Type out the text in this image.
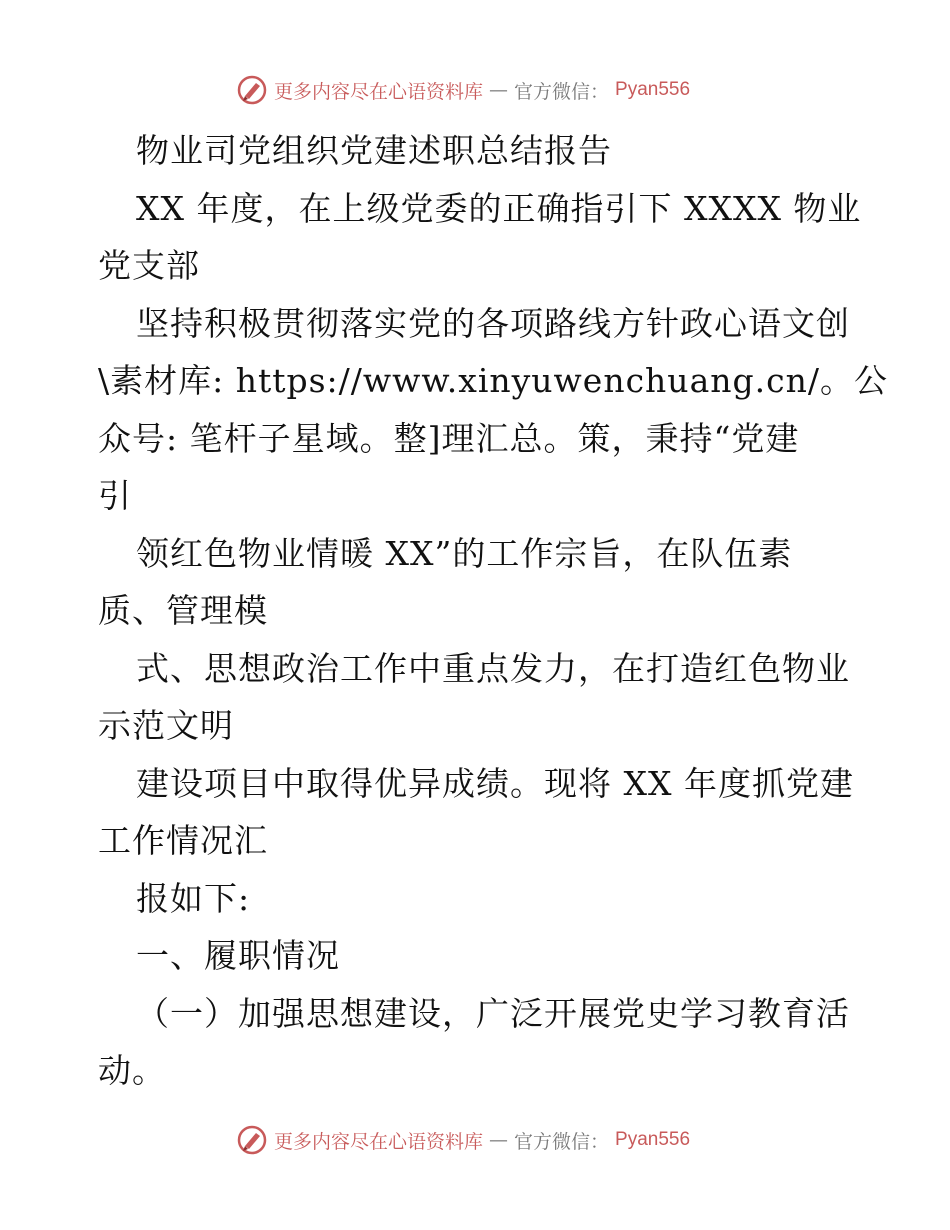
更多内容尽在心语资料库 — 官方微信： Pyan556
物业司党组织党建述职总结报告
XX 年度，在上级党委的正确指引下 XXXX 物业
党支部
坚持积极贯彻落实党的各项路线方针政心语文创
\素材库: https://www.xinyuwenchuang.cn/。公
众号: 笔杆子星域。整]理汇总。策，秉持“党建
引
领红色物业情暖 XX”的工作宗旨，在队伍素
质、管理模
式、思想政治工作中重点发力，在打造红色物业
示范文明
建设项目中取得优异成绩。现将 XX 年度抓党建
工作情况汇
报如下:
一、履职情况
（一）加强思想建设，广泛开展党史学习教育活
动。
更多内容尽在心语资料库 — 官方微信： Pyan556
